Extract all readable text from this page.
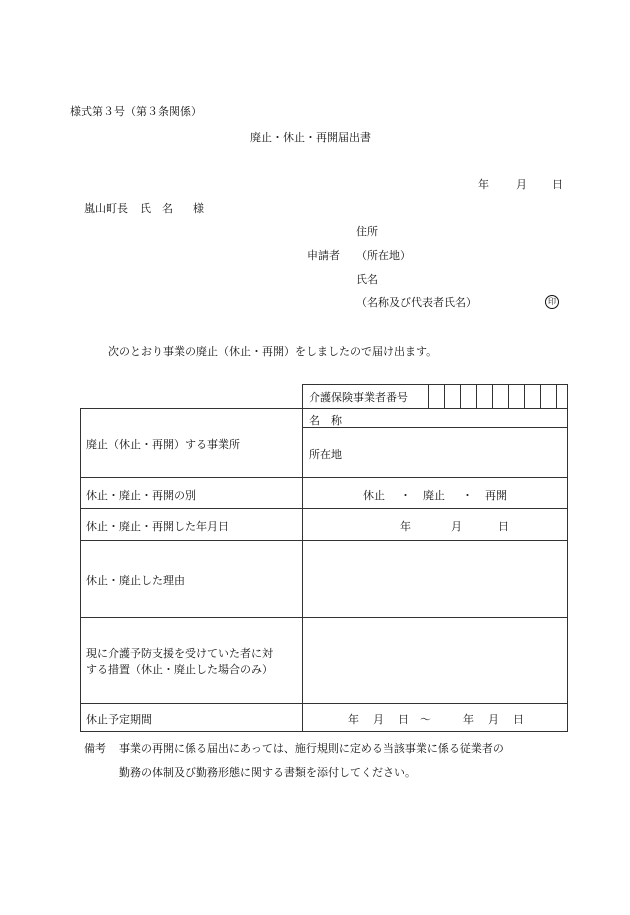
様式第３号（第３条関係）
廃止・休止・再開届出書
年 月 日
嵐山町長 氏　名 様
住所
申請者 （所在地）
氏名
（名称及び代表者氏名）	印
次のとおり事業の廃止（休止・再開）をしましたので届け出ます。
介護保険事業者番号
廃止（休止・再開）する事業所
名　称
所在地
休止・廃止・再開の別	休止 ・ 廃止 ・ 再開
休止・廃止・再開した年月日	年	月	日
休止・廃止した理由
現に介護予防支援を受けていた者に対
する措置（休止・廃止した場合のみ）
休止予定期間	年 月 日 ～	年 月 日
備考 事業の再開に係る届出にあっては、施行規則に定める当該事業に係る従業者の
勤務の体制及び勤務形態に関する書類を添付してください。
